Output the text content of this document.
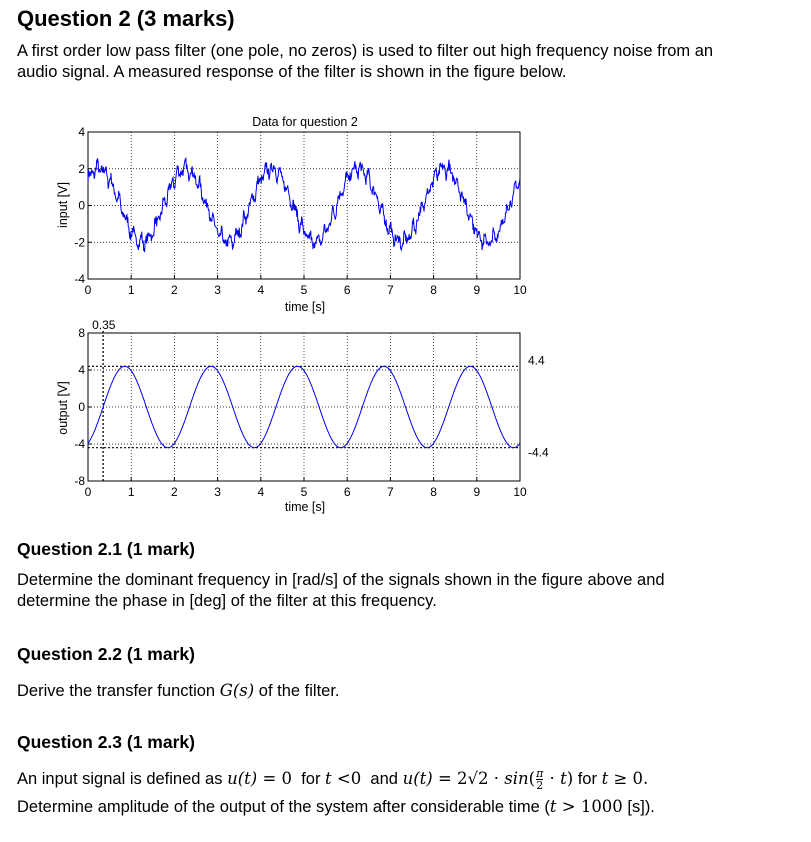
Question 2 (3 marks)

A first order low pass filter (one pole, no zeros) is used to filter out high frequency noise from an

audio signal. A measured response of the filter is shown in the figure below.

Data for question 2
0	1	2	3	4	5	6	7	8	9	10
4
2
0
-2
-4
time [s]
input [V]
0	1	2	3	4	5	6	7	8	9	10
8
4
0
-4
-8
0.35
4.4
-4.4
time [s]
output [V]
Question 2.1 (1 mark)

Determine the dominant frequency in [rad/s] of the signals shown in the figure above and

determine the phase in [deg] of the filter at this frequency.

Question 2.2 (1 mark)

Derive the transfer function G(s) of the filter.

Question 2.3 (1 mark)

An input signal is defined as u(t) = 0  for t <0  and $u(t) = 2√2 \cdot \sin( \frac{\pi}{2} \cdot t)$ for t ≥ 0.

Determine amplitude of the output of the system after considerable time (t > 1000 [s]).
